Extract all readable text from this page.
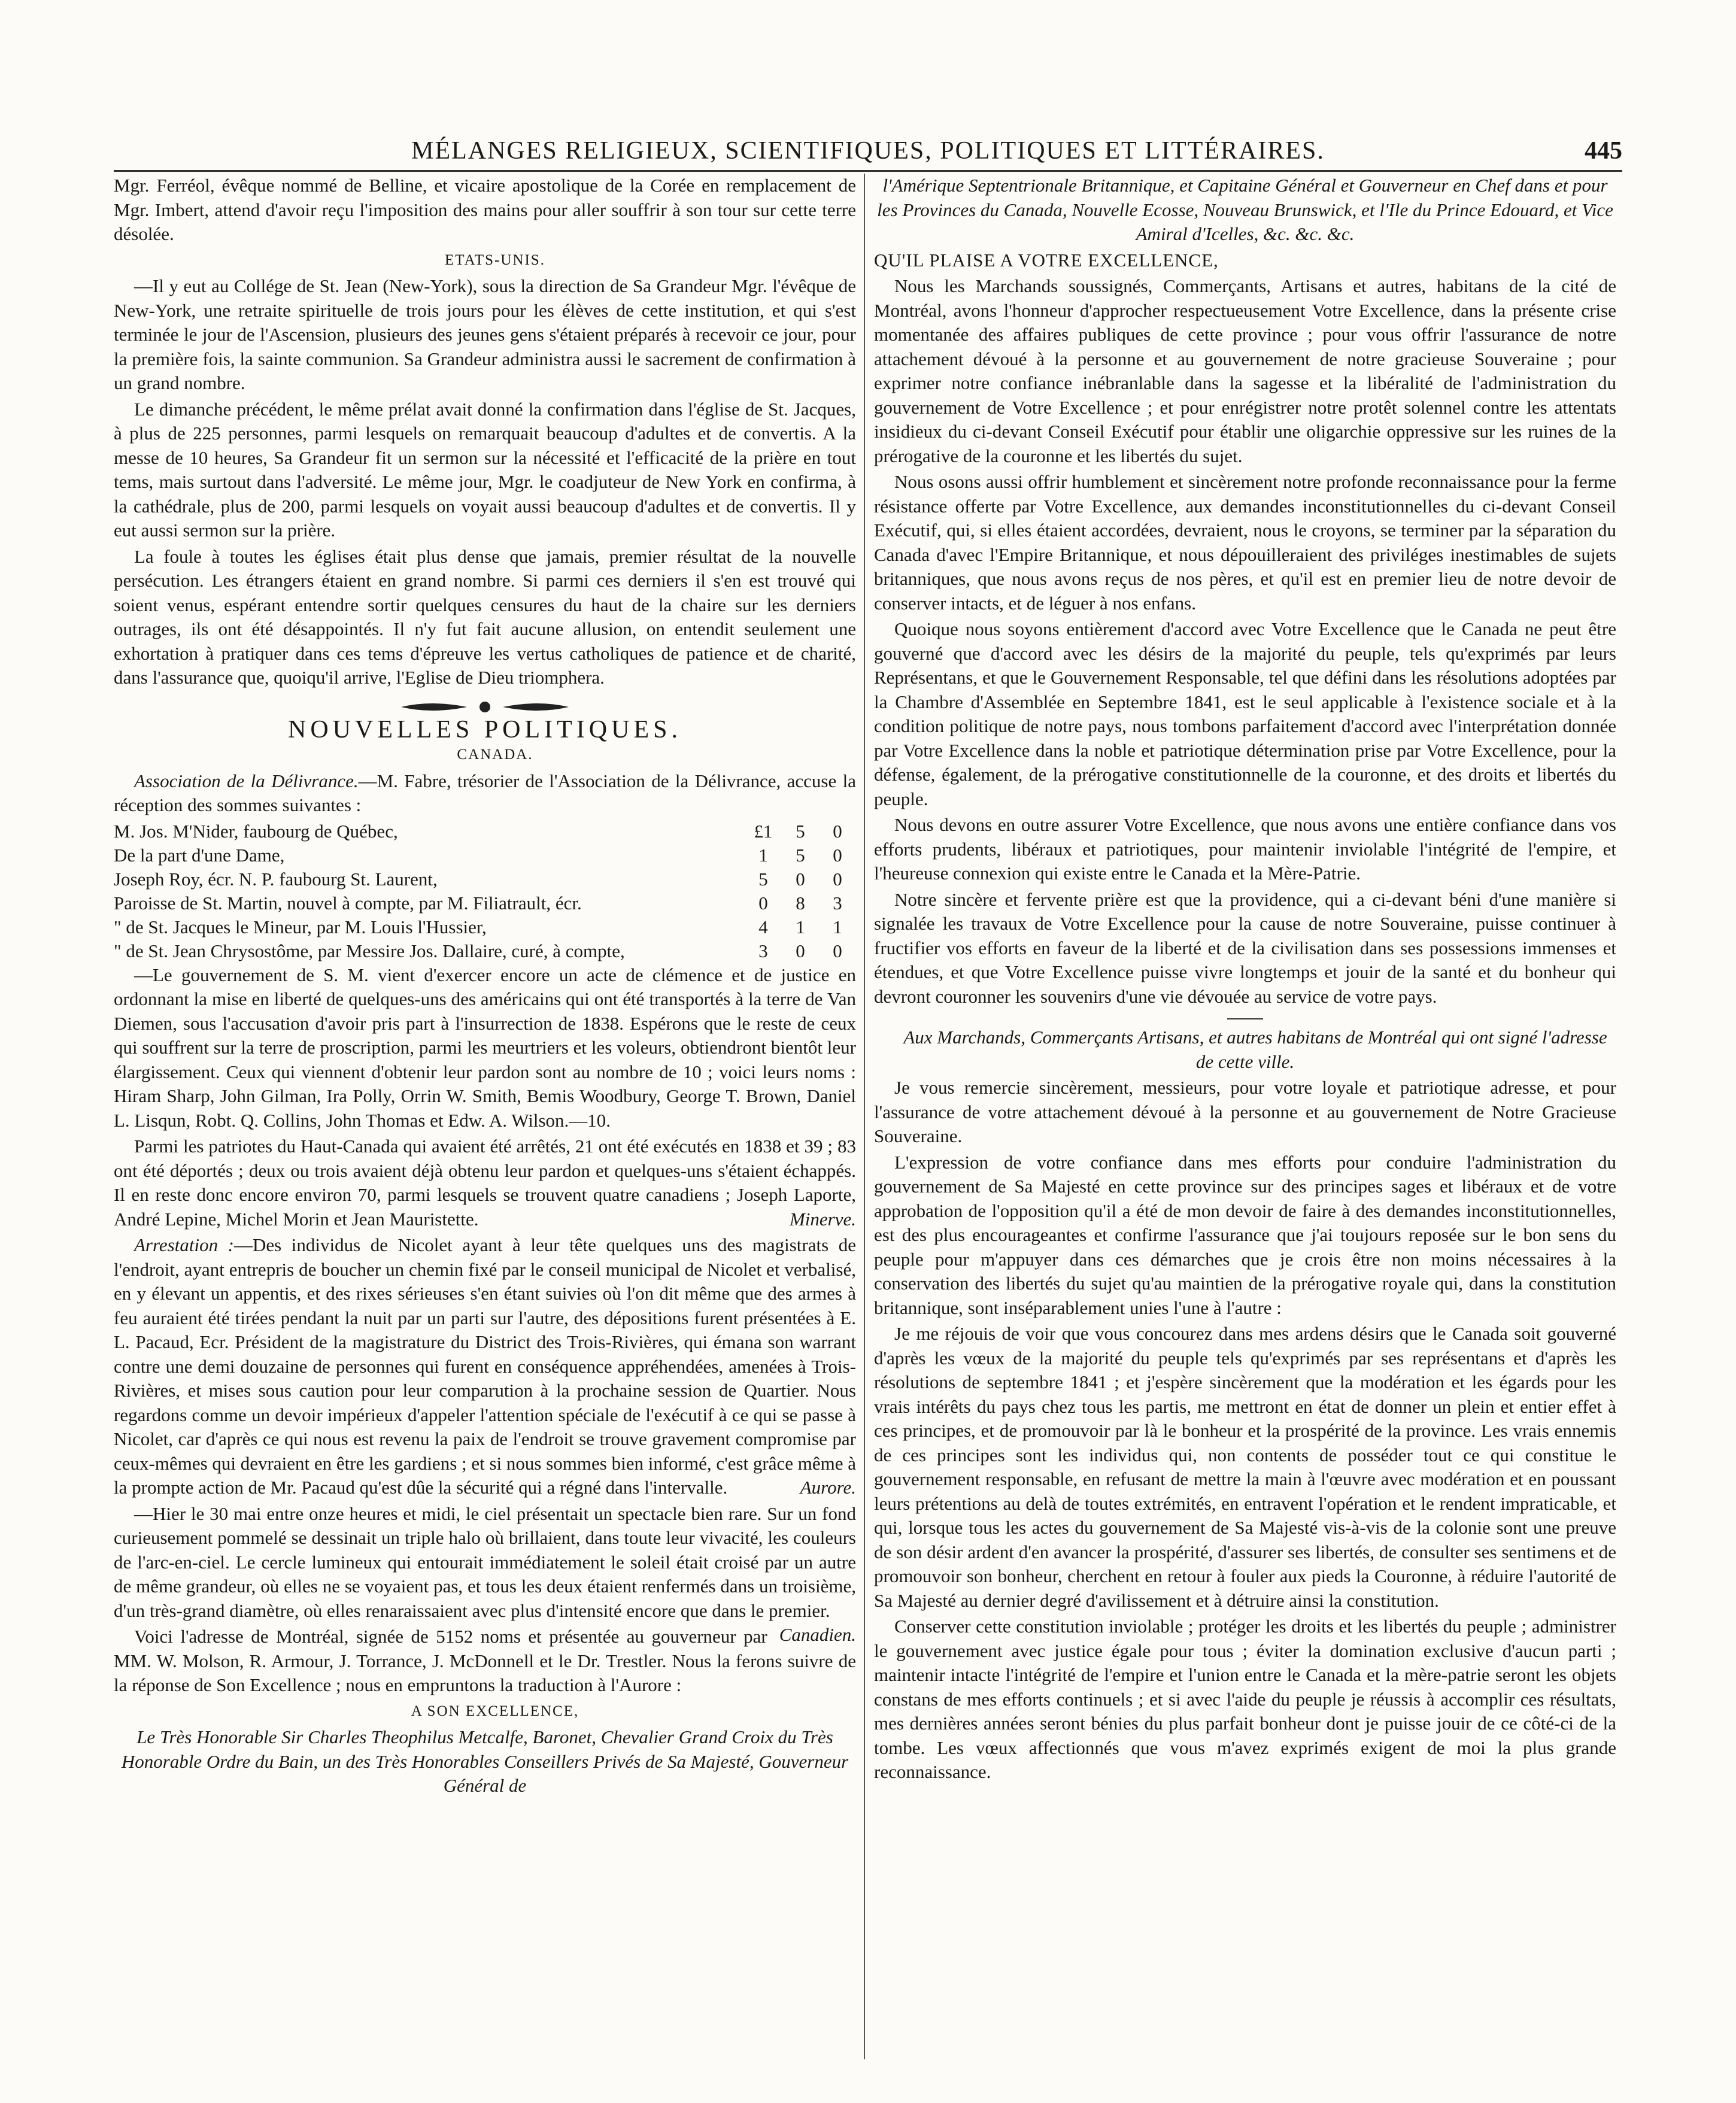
MÉLANGES RELIGIEUX, SCIENTIFIQUES, POLITIQUES ET LITTÉRAIRES.	445

Mgr. Ferréol, évêque nommé de Belline, et vicaire apostolique de la Corée en remplacement de Mgr. Imbert, attend d'avoir reçu l'imposition des mains pour aller souffrir à son tour sur cette terre désolée.

ETATS-UNIS.

—Il y eut au Collége de St. Jean (New-York), sous la direction de Sa Grandeur Mgr. l'évêque de New-York, une retraite spirituelle de trois jours pour les élèves de cette institution, et qui s'est terminée le jour de l'Ascension, plusieurs des jeunes gens s'étaient préparés à recevoir ce jour, pour la première fois, la sainte communion. Sa Grandeur administra aussi le sacrement de confirmation à un grand nombre.

Le dimanche précédent, le même prélat avait donné la confirmation dans l'église de St. Jacques, à plus de 225 personnes, parmi lesquels on remarquait beaucoup d'adultes et de convertis. A la messe de 10 heures, Sa Grandeur fit un sermon sur la nécessité et l'efficacité de la prière en tout tems, mais surtout dans l'adversité. Le même jour, Mgr. le coadjuteur de New York en confirma, à la cathédrale, plus de 200, parmi lesquels on voyait aussi beaucoup d'adultes et de convertis. Il y eut aussi sermon sur la prière.

La foule à toutes les églises était plus dense que jamais, premier résultat de la nouvelle persécution. Les étrangers étaient en grand nombre. Si parmi ces derniers il s'en est trouvé qui soient venus, espérant entendre sortir quelques censures du haut de la chaire sur les derniers outrages, ils ont été désappointés. Il n'y fut fait aucune allusion, on entendit seulement une exhortation à pratiquer dans ces tems d'épreuve les vertus catholiques de patience et de charité, dans l'assurance que, quoiqu'il arrive, l'Eglise de Dieu triomphera.

NOUVELLES POLITIQUES.

CANADA.

Association de la Délivrance.—M. Fabre, trésorier de l'Association de la Délivrance, accuse la réception des sommes suivantes :

M. Jos. M'Nider, faubourg de Québec,	£1	5	0
De la part d'une Dame,	1	5	0
Joseph Roy, écr. N. P. faubourg St. Laurent,	5	0	0
Paroisse de St. Martin, nouvel à compte, par M. Filiatrault, écr.	0	8	3
" de St. Jacques le Mineur, par M. Louis l'Hussier,	4	1	1
" de St. Jean Chrysostôme, par Messire Jos. Dallaire, curé, à compte,	3	0	0

—Le gouvernement de S. M. vient d'exercer encore un acte de clémence et de justice en ordonnant la mise en liberté de quelques-uns des américains qui ont été transportés à la terre de Van Diemen, sous l'accusation d'avoir pris part à l'insurrection de 1838. Espérons que le reste de ceux qui souffrent sur la terre de proscription, parmi les meurtriers et les voleurs, obtiendront bientôt leur élargissement. Ceux qui viennent d'obtenir leur pardon sont au nombre de 10 ; voici leurs noms : Hiram Sharp, John Gilman, Ira Polly, Orrin W. Smith, Bemis Woodbury, George T. Brown, Daniel L. Lisqun, Robt. Q. Collins, John Thomas et Edw. A. Wilson.—10.

Parmi les patriotes du Haut-Canada qui avaient été arrêtés, 21 ont été exécutés en 1838 et 39 ; 83 ont été déportés ; deux ou trois avaient déjà obtenu leur pardon et quelques-uns s'étaient échappés. Il en reste donc encore environ 70, parmi lesquels se trouvent quatre canadiens ; Joseph Laporte, André Lepine, Michel Morin et Jean Mauristette.	Minerve.

Arrestation :—Des individus de Nicolet ayant à leur tête quelques uns des magistrats de l'endroit, ayant entrepris de boucher un chemin fixé par le conseil municipal de Nicolet et verbalisé, en y élevant un appentis, et des rixes sérieuses s'en étant suivies où l'on dit même que des armes à feu auraient été tirées pendant la nuit par un parti sur l'autre, des dépositions furent présentées à E. L. Pacaud, Ecr. Président de la magistrature du District des Trois-Rivières, qui émana son warrant contre une demi douzaine de personnes qui furent en conséquence appréhendées, amenées à Trois-Rivières, et mises sous caution pour leur comparution à la prochaine session de Quartier. Nous regardons comme un devoir impérieux d'appeler l'attention spéciale de l'exécutif à ce qui se passe à Nicolet, car d'après ce qui nous est revenu la paix de l'endroit se trouve gravement compromise par ceux-mêmes qui devraient en être les gardiens ; et si nous sommes bien informé, c'est grâce même à la prompte action de Mr. Pacaud qu'est dûe la sécurité qui a régné dans l'intervalle.	Aurore.

—Hier le 30 mai entre onze heures et midi, le ciel présentait un spectacle bien rare. Sur un fond curieusement pommelé se dessinait un triple halo où brillaient, dans toute leur vivacité, les couleurs de l'arc-en-ciel. Le cercle lumineux qui entourait immédiatement le soleil était croisé par un autre de même grandeur, où elles ne se voyaient pas, et tous les deux étaient renfermés dans un troisième, d'un très-grand diamètre, où elles renaraissaient avec plus d'intensité encore que dans le premier.
Canadien.

Voici l'adresse de Montréal, signée de 5152 noms et présentée au gouverneur par MM. W. Molson, R. Armour, J. Torrance, J. McDonnell et le Dr. Trestler. Nous la ferons suivre de la réponse de Son Excellence ; nous en empruntons la traduction à l'Aurore :

A SON EXCELLENCE,

Le Très Honorable Sir Charles Theophilus Metcalfe, Baronet, Chevalier Grand Croix du Très Honorable Ordre du Bain, un des Très Honorables Conseillers Privés de Sa Majesté, Gouverneur Général de

l'Amérique Septentrionale Britannique, et Capitaine Général et Gouverneur en Chef dans et pour les Provinces du Canada, Nouvelle Ecosse, Nouveau Brunswick, et l'Ile du Prince Edouard, et Vice Amiral d'Icelles, &c. &c. &c.

QU'IL PLAISE A VOTRE EXCELLENCE,

Nous les Marchands soussignés, Commerçants, Artisans et autres, habitans de la cité de Montréal, avons l'honneur d'approcher respectueusement Votre Excellence, dans la présente crise momentanée des affaires publiques de cette province ; pour vous offrir l'assurance de notre attachement dévoué à la personne et au gouvernement de notre gracieuse Souveraine ; pour exprimer notre confiance inébranlable dans la sagesse et la libéralité de l'administration du gouvernement de Votre Excellence ; et pour enrégistrer notre protêt solennel contre les attentats insidieux du ci-devant Conseil Exécutif pour établir une oligarchie oppressive sur les ruines de la prérogative de la couronne et les libertés du sujet.

Nous osons aussi offrir humblement et sincèrement notre profonde reconnaissance pour la ferme résistance offerte par Votre Excellence, aux demandes inconstitutionnelles du ci-devant Conseil Exécutif, qui, si elles étaient accordées, devraient, nous le croyons, se terminer par la séparation du Canada d'avec l'Empire Britannique, et nous dépouilleraient des priviléges inestimables de sujets britanniques, que nous avons reçus de nos pères, et qu'il est en premier lieu de notre devoir de conserver intacts, et de léguer à nos enfans.

Quoique nous soyons entièrement d'accord avec Votre Excellence que le Canada ne peut être gouverné que d'accord avec les désirs de la majorité du peuple, tels qu'exprimés par leurs Représentans, et que le Gouvernement Responsable, tel que défini dans les résolutions adoptées par la Chambre d'Assemblée en Septembre 1841, est le seul applicable à l'existence sociale et à la condition politique de notre pays, nous tombons parfaitement d'accord avec l'interprétation donnée par Votre Excellence dans la noble et patriotique détermination prise par Votre Excellence, pour la défense, également, de la prérogative constitutionnelle de la couronne, et des droits et libertés du peuple.

Nous devons en outre assurer Votre Excellence, que nous avons une entière confiance dans vos efforts prudents, libéraux et patriotiques, pour maintenir inviolable l'intégrité de l'empire, et l'heureuse connexion qui existe entre le Canada et la Mère-Patrie.

Notre sincère et fervente prière est que la providence, qui a ci-devant béni d'une manière si signalée les travaux de Votre Excellence pour la cause de notre Souveraine, puisse continuer à fructifier vos efforts en faveur de la liberté et de la civilisation dans ses possessions immenses et étendues, et que Votre Excellence puisse vivre longtemps et jouir de la santé et du bonheur qui devront couronner les souvenirs d'une vie dévouée au service de votre pays.

Aux Marchands, Commerçants Artisans, et autres habitans de Montréal qui ont signé l'adresse de cette ville.

Je vous remercie sincèrement, messieurs, pour votre loyale et patriotique adresse, et pour l'assurance de votre attachement dévoué à la personne et au gouvernement de Notre Gracieuse Souveraine.

L'expression de votre confiance dans mes efforts pour conduire l'administration du gouvernement de Sa Majesté en cette province sur des principes sages et libéraux et de votre approbation de l'opposition qu'il a été de mon devoir de faire à des demandes inconstitutionnelles, est des plus encourageantes et confirme l'assurance que j'ai toujours reposée sur le bon sens du peuple pour m'appuyer dans ces démarches que je crois être non moins nécessaires à la conservation des libertés du sujet qu'au maintien de la prérogative royale qui, dans la constitution britannique, sont inséparablement unies l'une à l'autre :

Je me réjouis de voir que vous concourez dans mes ardens désirs que le Canada soit gouverné d'après les vœux de la majorité du peuple tels qu'exprimés par ses représentans et d'après les résolutions de septembre 1841 ; et j'espère sincèrement que la modération et les égards pour les vrais intérêts du pays chez tous les partis, me mettront en état de donner un plein et entier effet à ces principes, et de promouvoir par là le bonheur et la prospérité de la province. Les vrais ennemis de ces principes sont les individus qui, non contents de posséder tout ce qui constitue le gouvernement responsable, en refusant de mettre la main à l'œuvre avec modération et en poussant leurs prétentions au delà de toutes extrémités, en entravent l'opération et le rendent impraticable, et qui, lorsque tous les actes du gouvernement de Sa Majesté vis-à-vis de la colonie sont une preuve de son désir ardent d'en avancer la prospérité, d'assurer ses libertés, de consulter ses sentimens et de promouvoir son bonheur, cherchent en retour à fouler aux pieds la Couronne, à réduire l'autorité de Sa Majesté au dernier degré d'avilissement et à détruire ainsi la constitution.

Conserver cette constitution inviolable ; protéger les droits et les libertés du peuple ; administrer le gouvernement avec justice égale pour tous ; éviter la domination exclusive d'aucun parti ; maintenir intacte l'intégrité de l'empire et l'union entre le Canada et la mère-patrie seront les objets constans de mes efforts continuels ; et si avec l'aide du peuple je réussis à accomplir ces résultats, mes dernières années seront bénies du plus parfait bonheur dont je puisse jouir de ce côté-ci de la tombe. Les vœux affectionnés que vous m'avez exprimés exigent de moi la plus grande reconnaissance.
